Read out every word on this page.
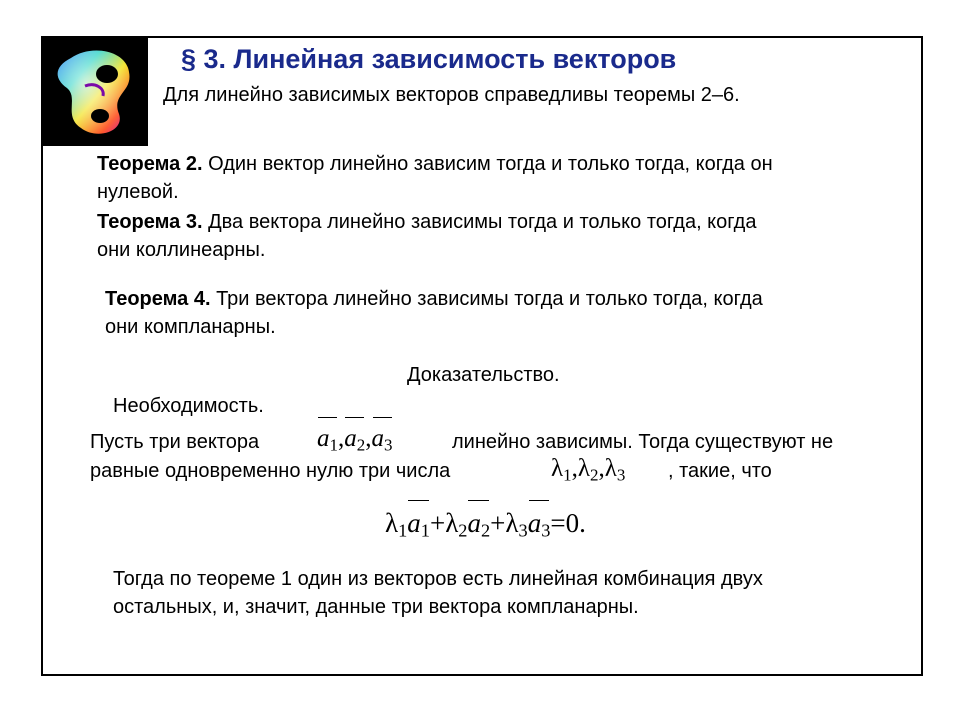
§ 3. Линейная зависимость векторов
Для линейно зависимых векторов справедливы теоремы 2–6.
Теорема 2. Один вектор линейно зависим тогда и только тогда, когда он
нулевой.
Теорема 3. Два вектора линейно зависимы тогда и только тогда, когда
они коллинеарны.
Теорема 4. Три вектора линейно зависимы тогда и только тогда, когда
они компланарны.
Доказательство.
Необходимость.
Пусть три вектора $a_1,a_2,a_3$	линейно зависимы. Тогда существуют не
равные одновременно нулю три числа	$\lambda_1,\lambda_2,\lambda_3$ , такие, что
$\lambda_1a_1+\lambda_2a_2+\lambda_3a_3=0$.
Тогда по теореме 1 один из векторов есть линейная комбинация двух
остальных, и, значит, данные три вектора компланарны.
